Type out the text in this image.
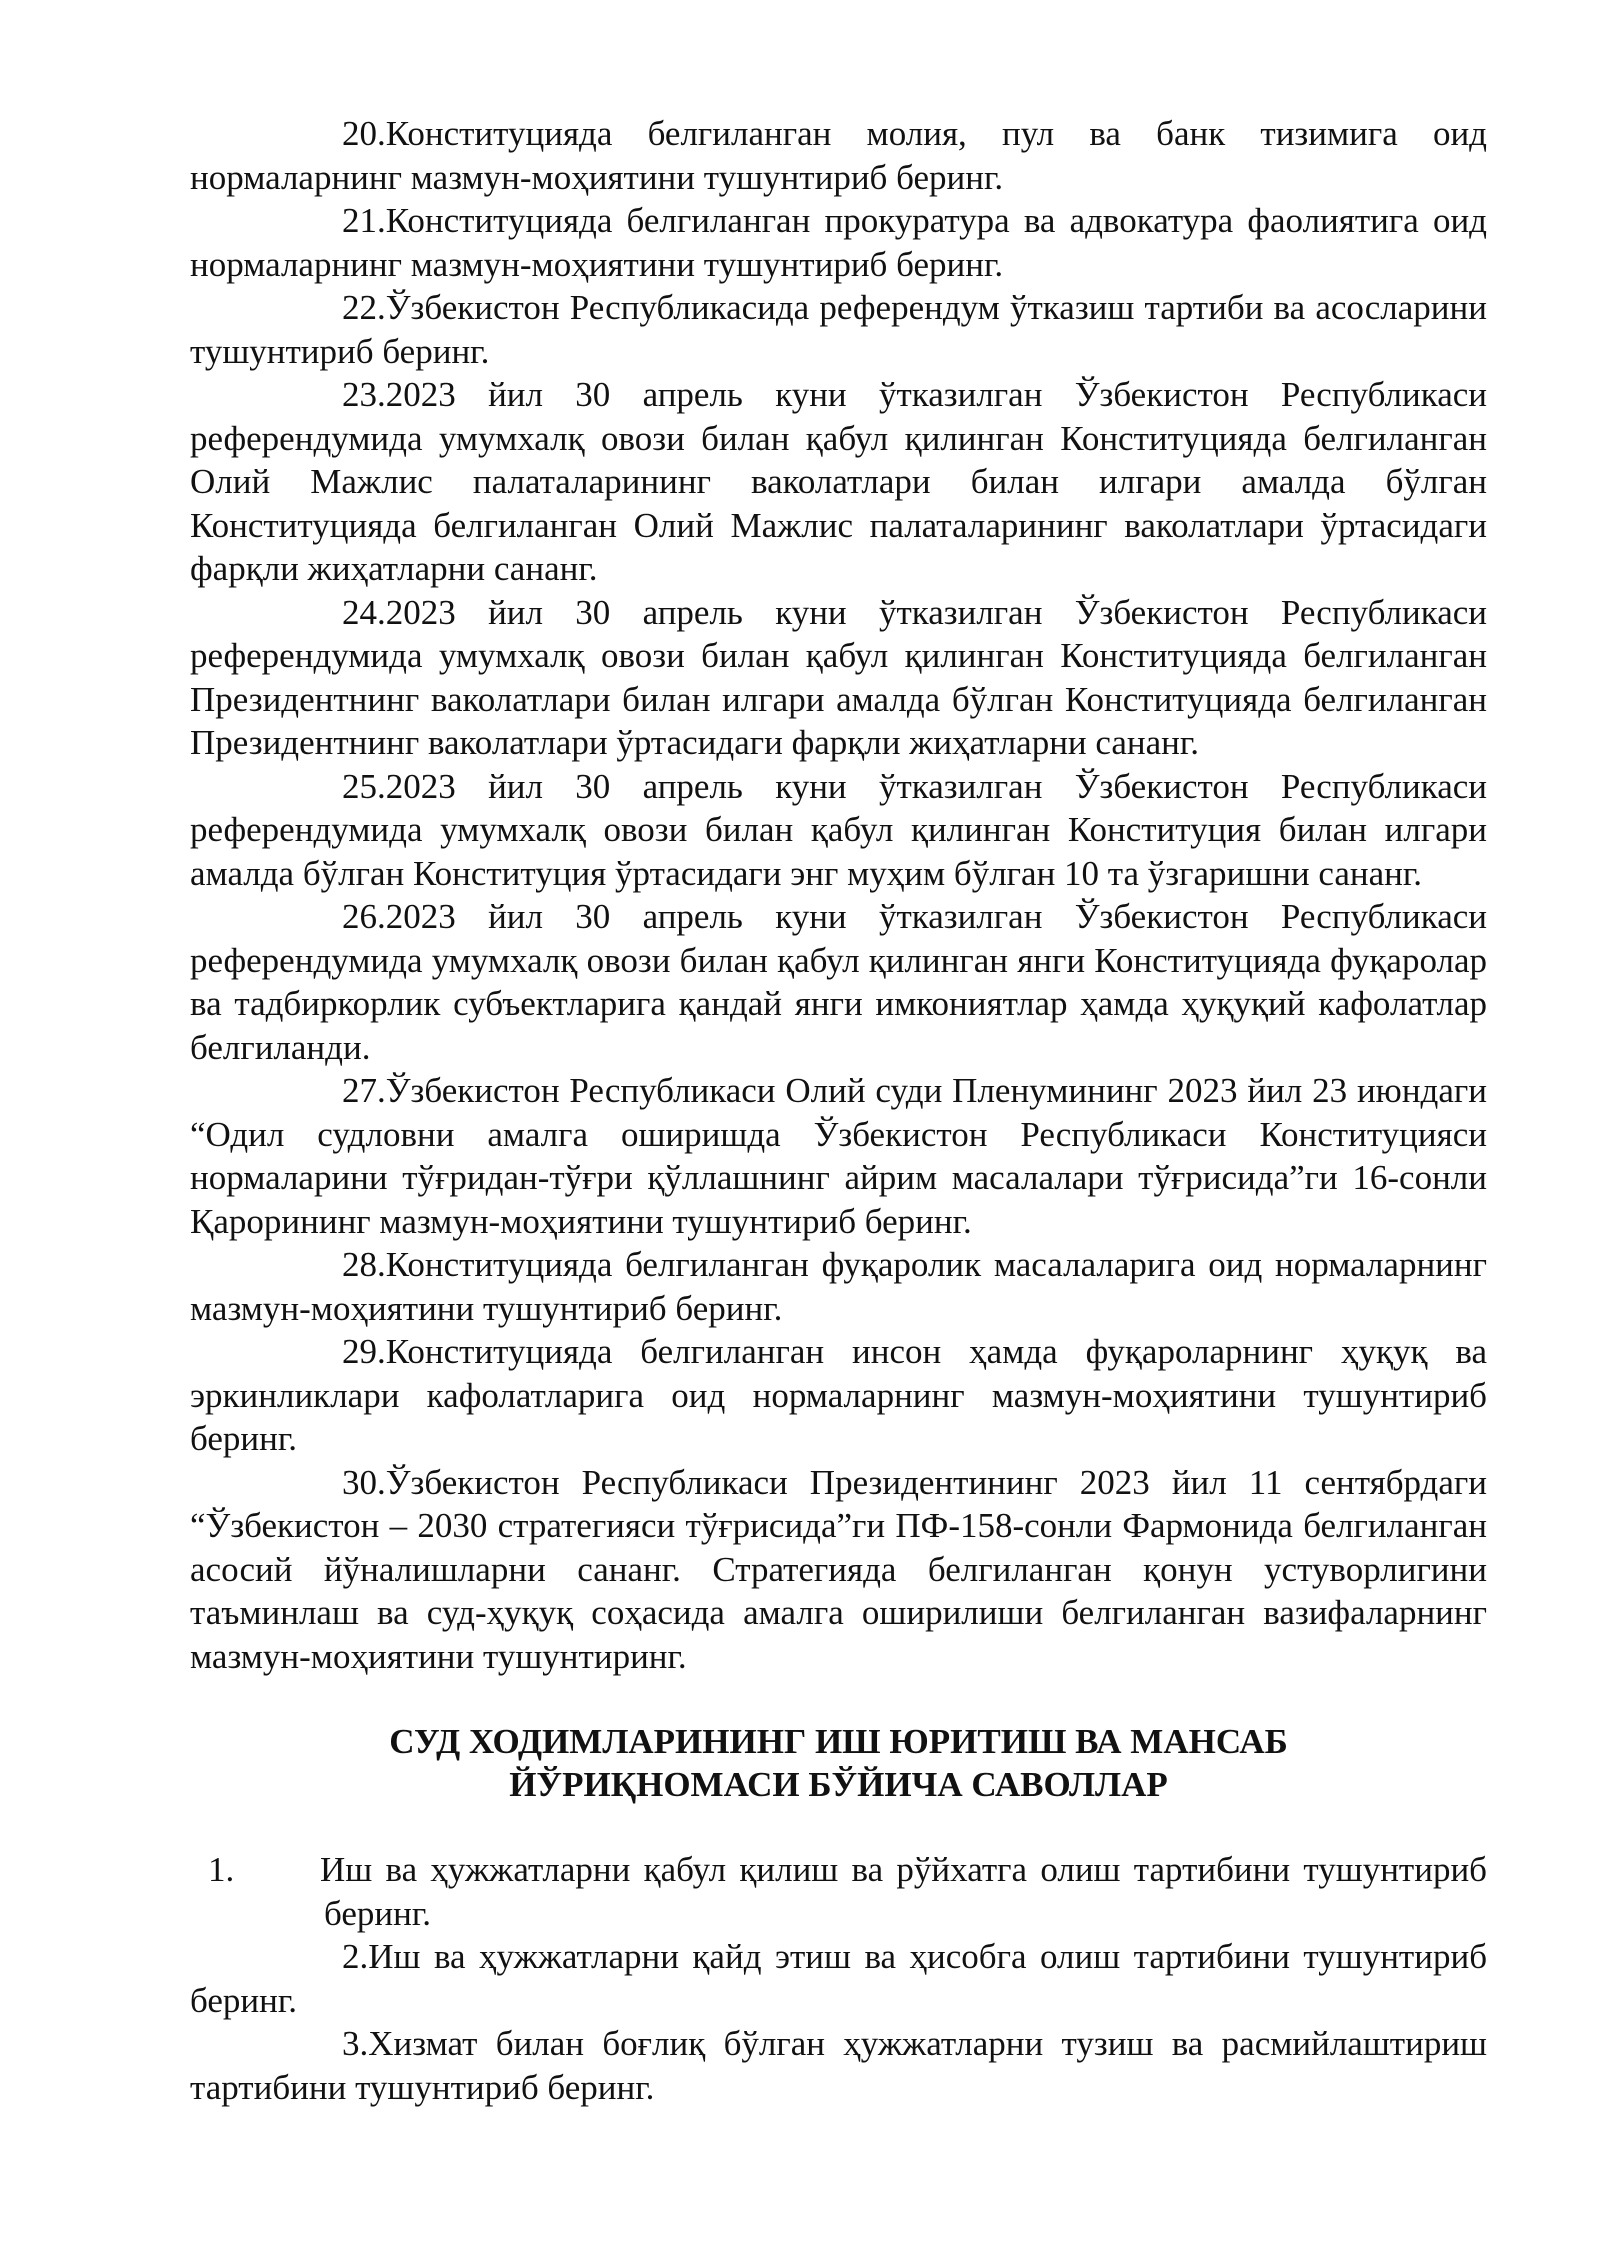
20.Конституцияда белгиланган молия, пул ва банк тизимига оид нормаларнинг мазмун-моҳиятини тушунтириб беринг.

21.Конституцияда белгиланган прокуратура ва адвокатура фаолиятига оид нормаларнинг мазмун-моҳиятини тушунтириб беринг.

22.Ўзбекистон Республикасида референдум ўтказиш тартиби ва асосларини тушунтириб беринг.

23.2023 йил 30 апрель куни ўтказилган Ўзбекистон Республикаси референдумида умумхалқ овози билан қабул қилинган Конституцияда белгиланган Олий Мажлис палаталарининг ваколатлари билан илгари амалда бўлган Конституцияда белгиланган Олий Мажлис палаталарининг ваколатлари ўртасидаги фарқли жиҳатларни сананг.

24.2023 йил 30 апрель куни ўтказилган Ўзбекистон Республикаси референдумида умумхалқ овози билан қабул қилинган Конституцияда белгиланган Президентнинг ваколатлари билан илгари амалда бўлган Конституцияда белгиланган Президентнинг ваколатлари ўртасидаги фарқли жиҳатларни сананг.

25.2023 йил 30 апрель куни ўтказилган Ўзбекистон Республикаси референдумида умумхалқ овози билан қабул қилинган Конституция билан илгари амалда бўлган Конституция ўртасидаги энг муҳим бўлган 10 та ўзгаришни сананг.

26.2023 йил 30 апрель куни ўтказилган Ўзбекистон Республикаси референдумида умумхалқ овози билан қабул қилинган янги Конституцияда фуқаролар ва тадбиркорлик субъектларига қандай янги имкониятлар ҳамда ҳуқуқий кафолатлар белгиланди.

27.Ўзбекистон Республикаси Олий суди Пленумининг 2023 йил 23 июндаги “Одил судловни амалга оширишда Ўзбекистон Республикаси Конституцияси нормаларини тўғридан-тўғри қўллашнинг айрим масалалари тўғрисида”ги 16-сонли Қарорининг мазмун-моҳиятини тушунтириб беринг.

28.Конституцияда белгиланган фуқаролик масалаларига оид нормаларнинг мазмун-моҳиятини тушунтириб беринг.

29.Конституцияда белгиланган инсон ҳамда фуқароларнинг ҳуқуқ ва эркинликлари кафолатларига оид нормаларнинг мазмун-моҳиятини тушунтириб беринг.

30.Ўзбекистон Республикаси Президентининг 2023 йил 11 сентябрдаги “Ўзбекистон – 2030 стратегияси тўғрисида”ги ПФ-158-сонли Фармонида белгиланган асосий йўналишларни сананг. Стратегияда белгиланган қонун устуворлигини таъминлаш ва суд-ҳуқуқ соҳасида амалга оширилиши белгиланган вазифаларнинг мазмун-моҳиятини тушунтиринг.

СУД ХОДИМЛАРИНИНГ ИШ ЮРИТИШ ВА МАНСАБ
ЙЎРИҚНОМАСИ БЎЙИЧА САВОЛЛАР

1. Иш ва ҳужжатларни қабул қилиш ва рўйхатга олиш тартибини тушунтириб беринг.

2.Иш ва ҳужжатларни қайд этиш ва ҳисобга олиш тартибини тушунтириб беринг.

3.Хизмат билан боғлиқ бўлган ҳужжатларни тузиш ва расмийлаштириш тартибини тушунтириб беринг.
